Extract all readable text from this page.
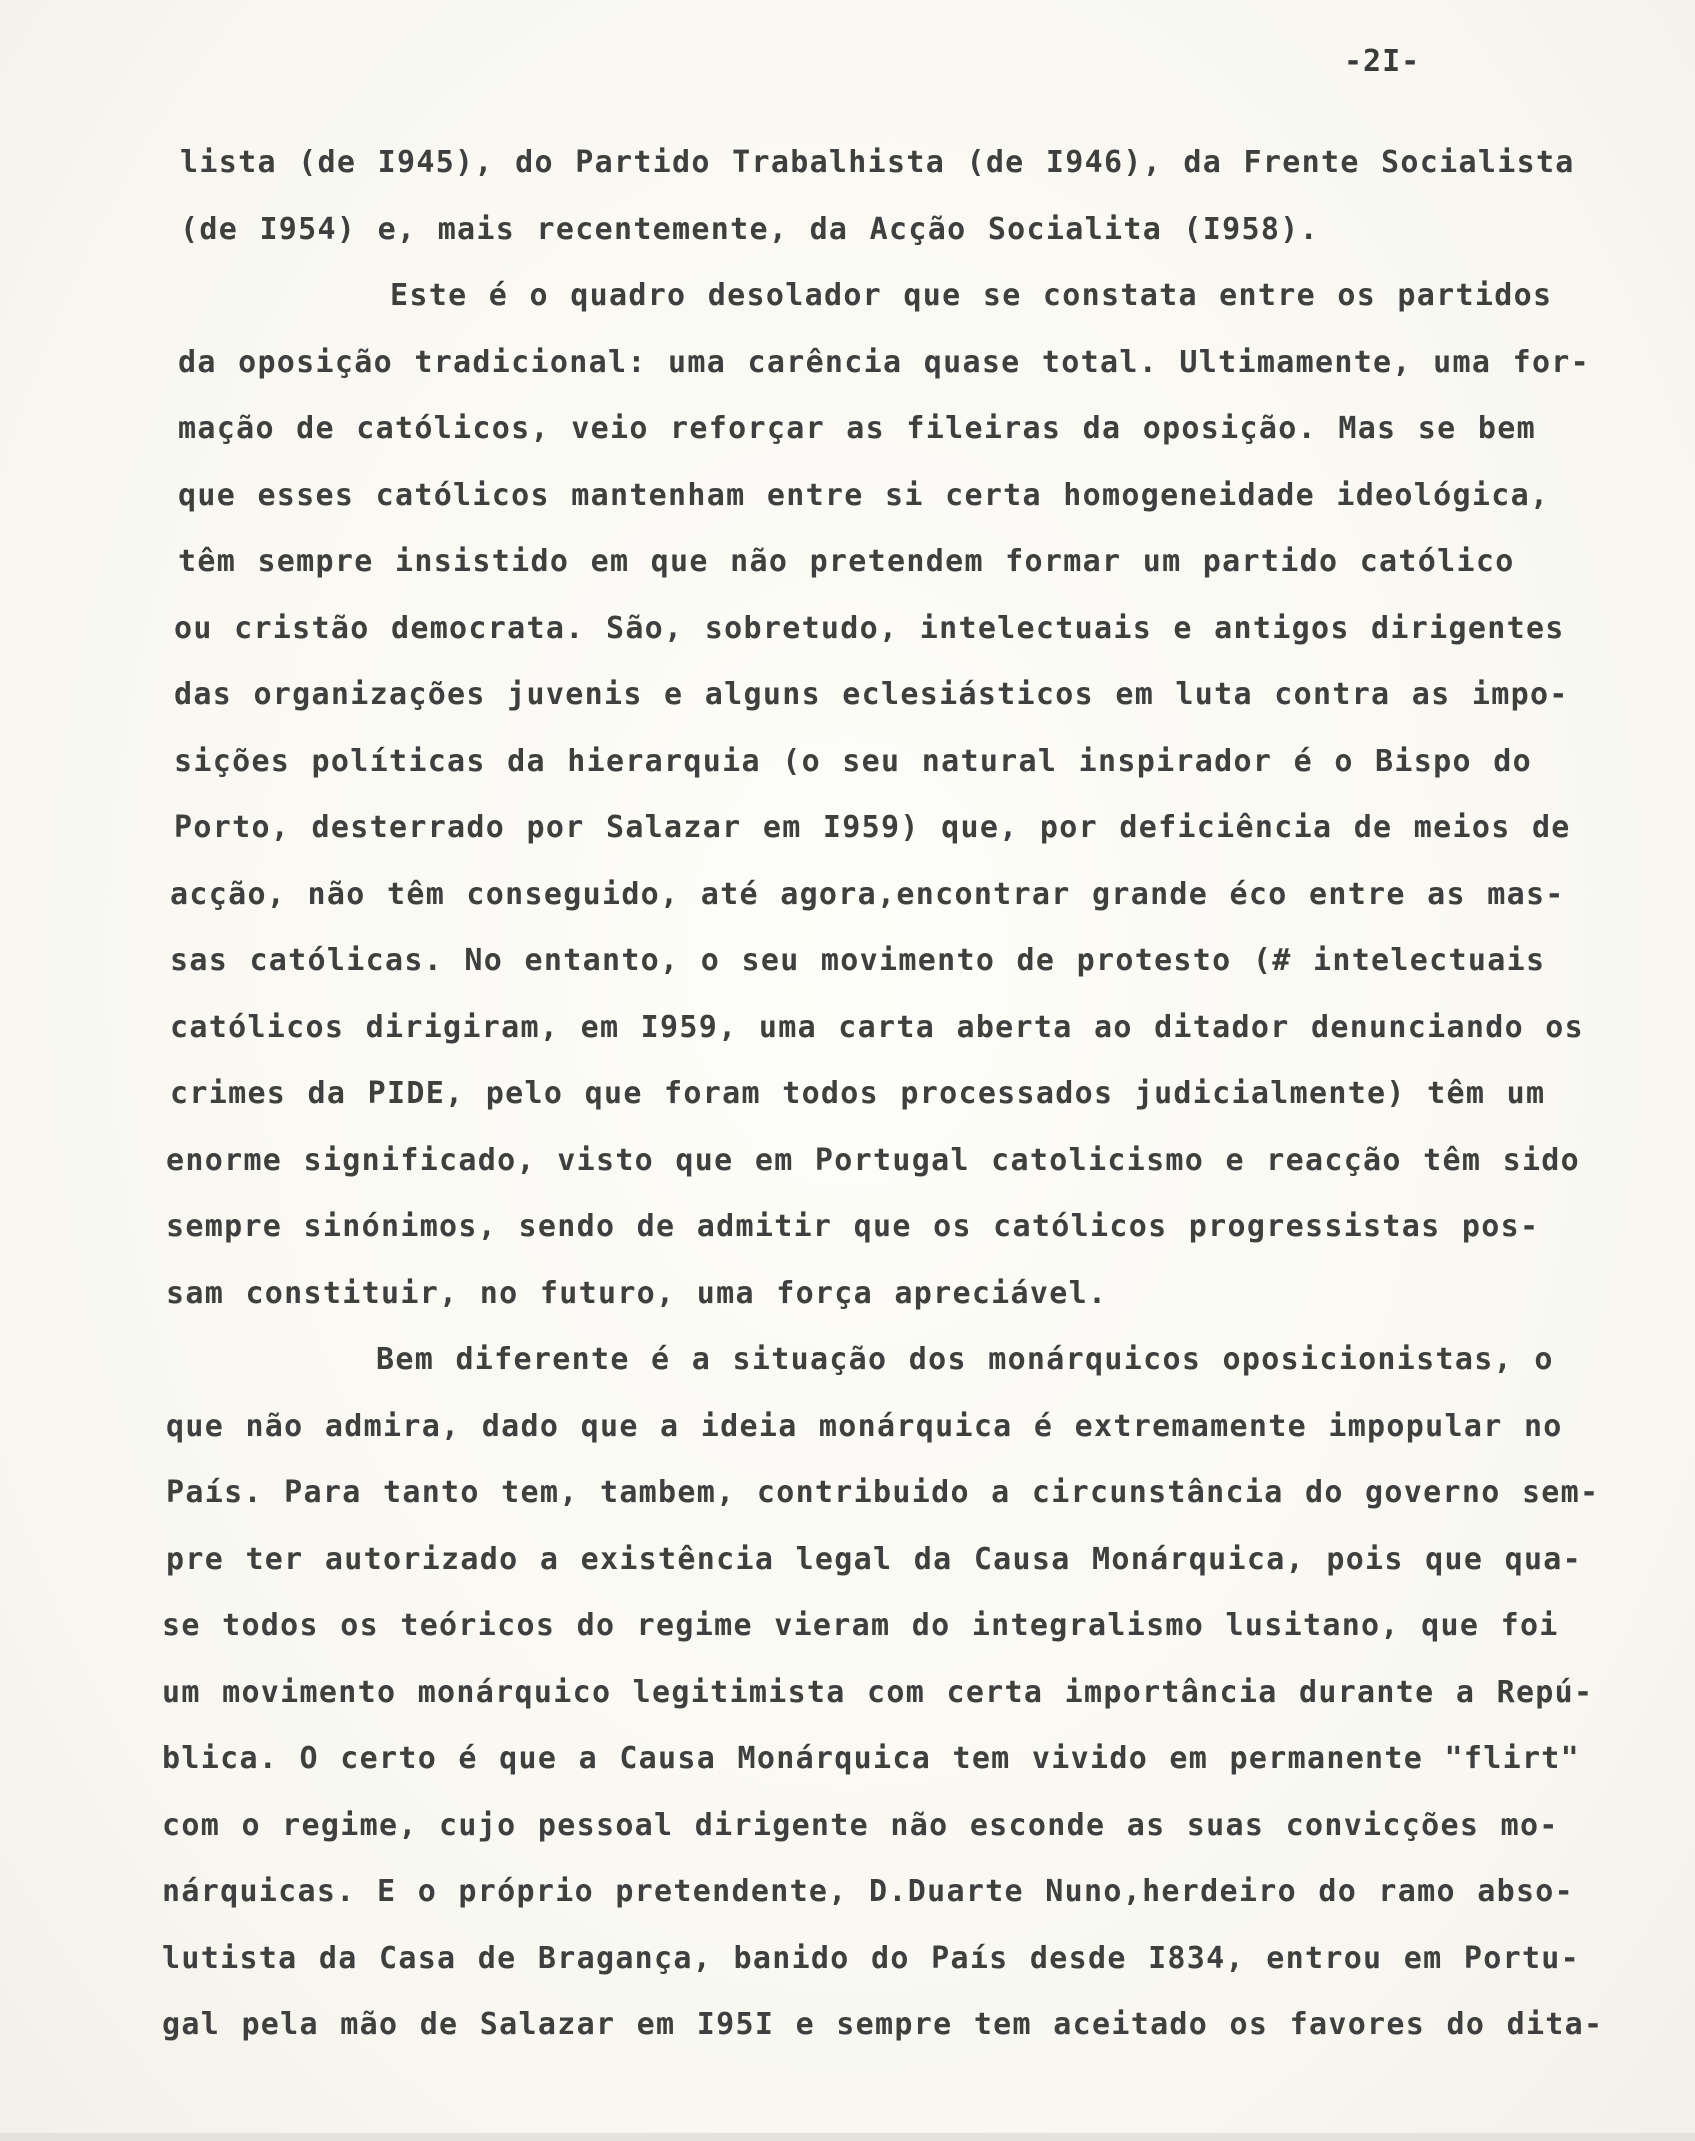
-2I-
lista (de I945), do Partido Trabalhista (de I946), da Frente Socialista
(de I954) e, mais recentemente, da Acção Socialita (I958).
Este é o quadro desolador que se constata entre os partidos
da oposição tradicional: uma carência quase total. Ultimamente, uma for-
mação de católicos, veio reforçar as fileiras da oposição. Mas se bem
que esses católicos mantenham entre si certa homogeneidade ideológica,
têm sempre insistido em que não pretendem formar um partido católico
ou cristão democrata. São, sobretudo, intelectuais e antigos dirigentes
das organizações juvenis e alguns eclesiásticos em luta contra as impo-
sições políticas da hierarquia (o seu natural inspirador é o Bispo do
Porto, desterrado por Salazar em I959) que, por deficiência de meios de
acção, não têm conseguido, até agora,encontrar grande éco entre as mas-
sas católicas. No entanto, o seu movimento de protesto (# intelectuais
católicos dirigiram, em I959, uma carta aberta ao ditador denunciando os
crimes da PIDE, pelo que foram todos processados judicialmente) têm um
enorme significado, visto que em Portugal catolicismo e reacção têm sido
sempre sinónimos, sendo de admitir que os católicos progressistas pos-
sam constituir, no futuro, uma força apreciável.
Bem diferente é a situação dos monárquicos oposicionistas, o
que não admira, dado que a ideia monárquica é extremamente impopular no
País. Para tanto tem, tambem, contribuido a circunstância do governo sem-
pre ter autorizado a existência legal da Causa Monárquica, pois que qua-
se todos os teóricos do regime vieram do integralismo lusitano, que foi
um movimento monárquico legitimista com certa importância durante a Repú-
blica. O certo é que a Causa Monárquica tem vivido em permanente "flirt"
com o regime, cujo pessoal dirigente não esconde as suas convicções mo-
nárquicas. E o próprio pretendente, D.Duarte Nuno,herdeiro do ramo abso-
lutista da Casa de Bragança, banido do País desde I834, entrou em Portu-
gal pela mão de Salazar em I95I e sempre tem aceitado os favores do dita-
